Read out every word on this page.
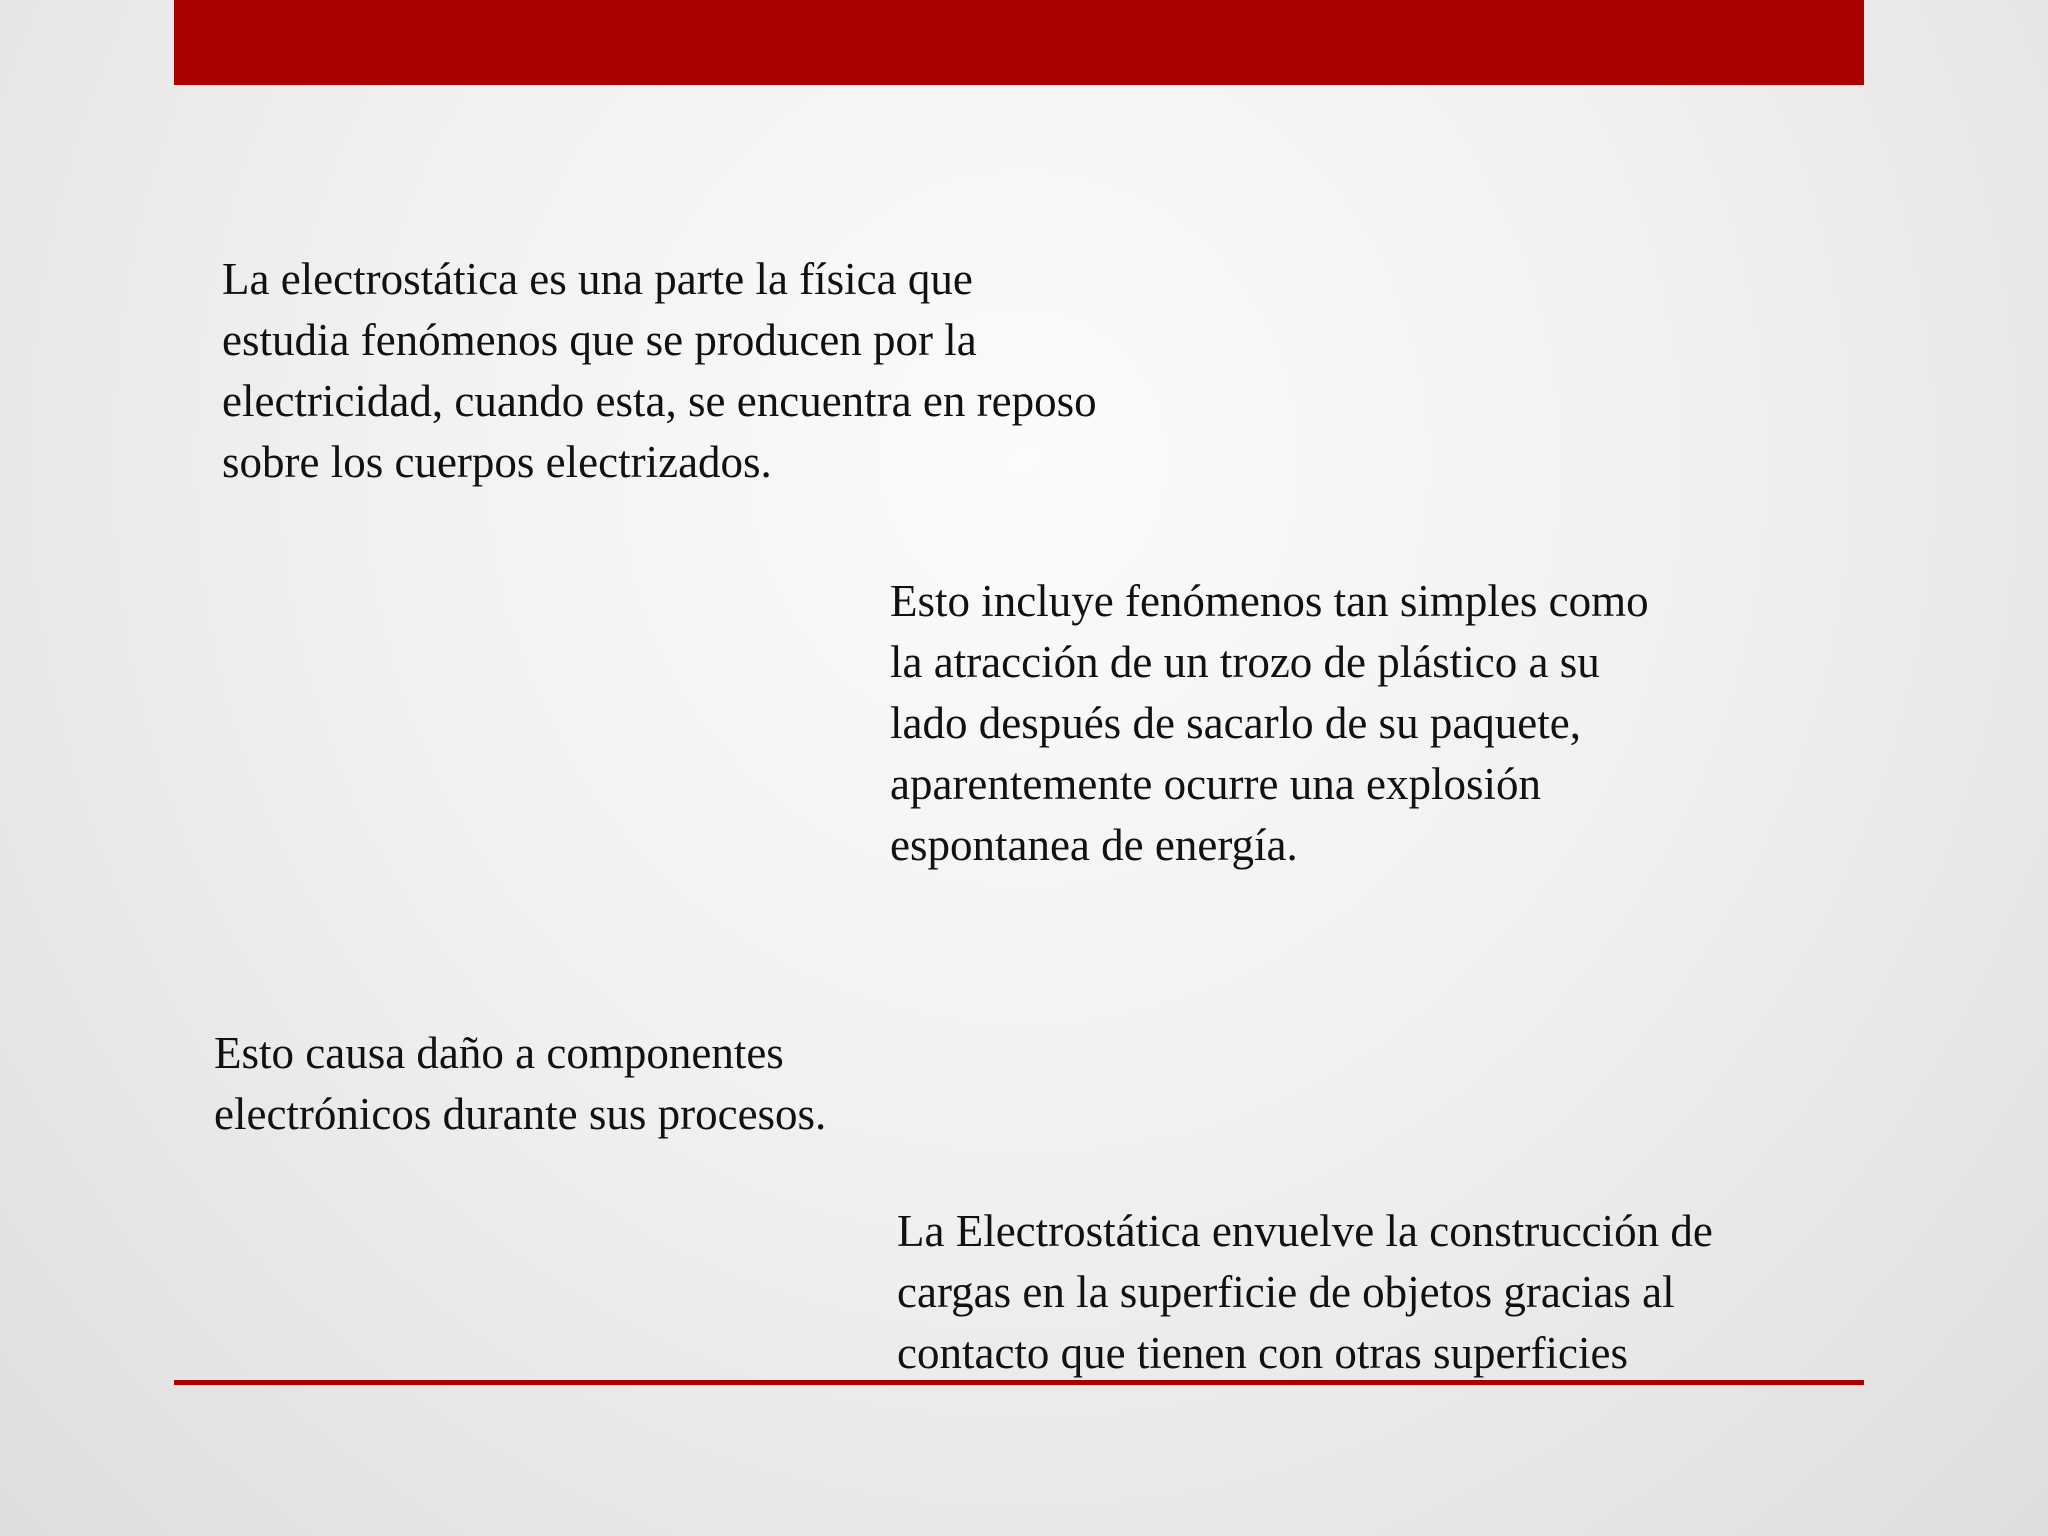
La electrostática es una parte la física que
estudia fenómenos que se producen por la
electricidad, cuando esta, se encuentra en reposo
sobre los cuerpos electrizados.

Esto incluye fenómenos tan simples como
la atracción de un trozo de plástico a su
lado después de sacarlo de su paquete,
aparentemente ocurre una explosión
espontanea de energía.

Esto causa daño a componentes
electrónicos durante sus procesos.

La Electrostática envuelve la construcción de
cargas en la superficie de objetos gracias al
contacto que tienen con otras superficies
